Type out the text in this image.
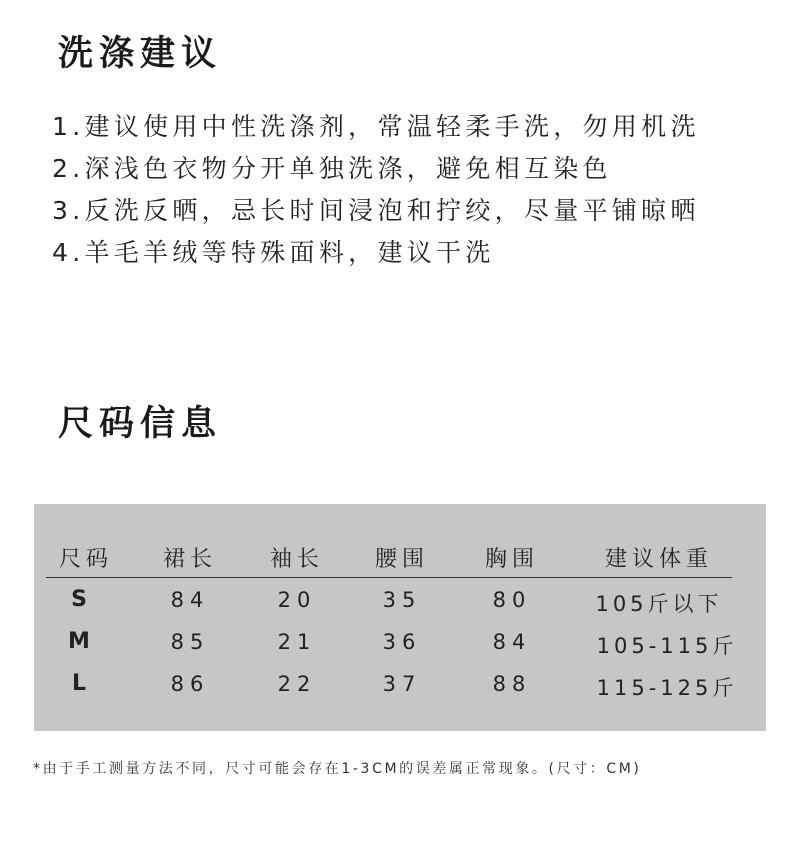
洗涤建议
1.建议使用中性洗涤剂，常温轻柔手洗，勿用机洗
2.深浅色衣物分开单独洗涤，避免相互染色
3.反洗反晒，忌长时间浸泡和拧绞，尽量平铺晾晒
4.羊毛羊绒等特殊面料，建议干洗
尺码信息
尺码 裙长 袖长 腰围	胸围	建议体重
S	84	20	35	80	105斤以下
M	85	21	36	84	105-115斤
L	86	22	37	88	115-125斤
*由于手工测量方法不同，尺寸可能会存在1-3CM的误差属正常现象。(尺寸：CM)
